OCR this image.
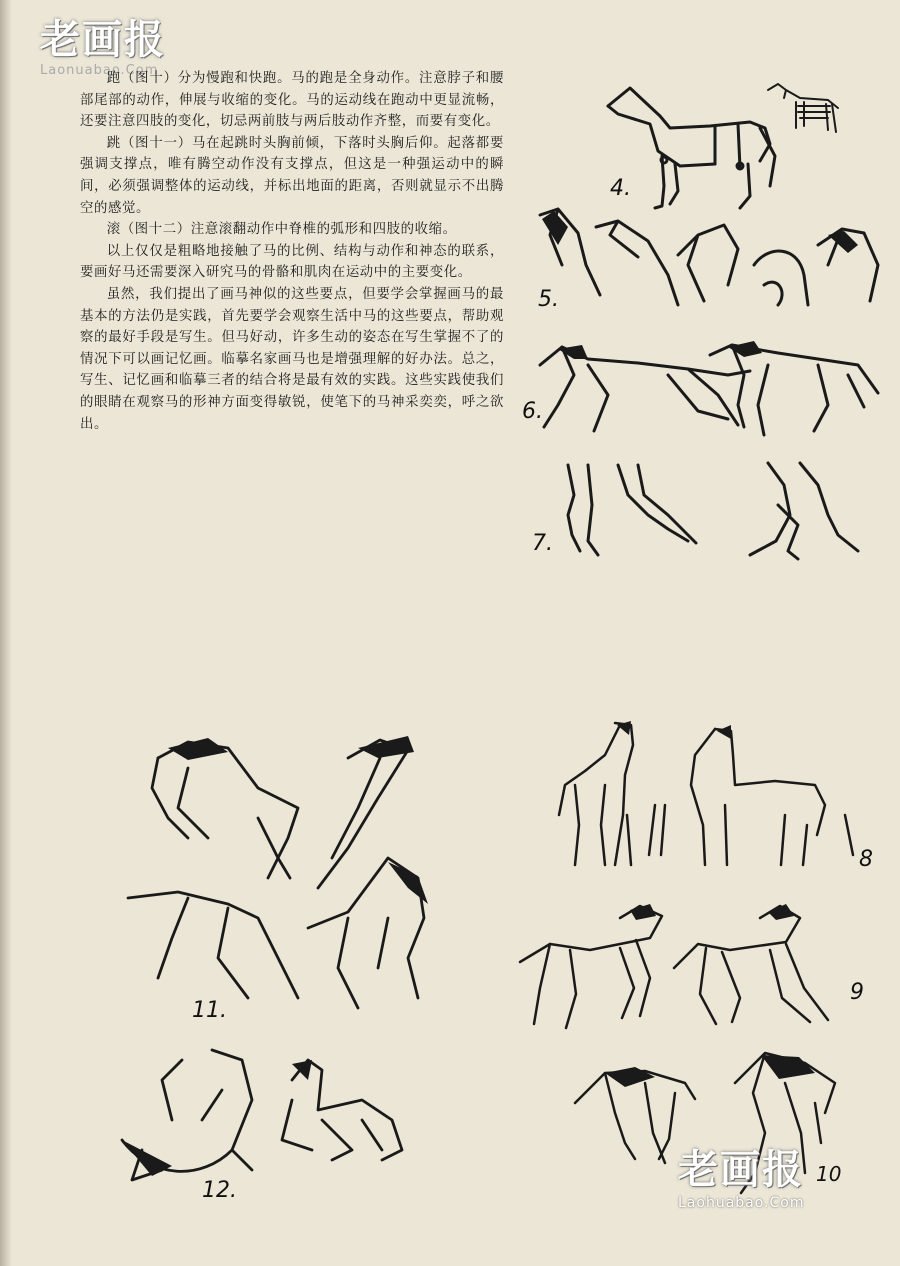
老画报
Laonuabao.Com

跑（图十）分为慢跑和快跑。马的跑是全身动作。注意脖子和腰部尾部的动作，伸展与收缩的变化。马的运动线在跑动中更显流畅，还要注意四肢的变化，切忌两前肢与两后肢动作齐整，而要有变化。

跳（图十一）马在起跳时头胸前倾，下落时头胸后仰。起落都要强调支撑点，唯有腾空动作没有支撑点，但这是一种强运动中的瞬间，必须强调整体的运动线，并标出地面的距离，否则就显示不出腾空的感觉。

滚（图十二）注意滚翻动作中脊椎的弧形和四肢的收缩。

以上仅仅是粗略地接触了马的比例、结构与动作和神态的联系，要画好马还需要深入研究马的骨骼和肌肉在运动中的主要变化。

虽然，我们提出了画马神似的这些要点，但要学会掌握画马的最基本的方法仍是实践，首先要学会观察生活中马的这些要点，帮助观察的最好手段是写生。但马好动，许多生动的姿态在写生掌握不了的情况下可以画记忆画。临摹名家画马也是增强理解的好办法。总之，写生、记忆画和临摹三者的结合将是最有效的实践。这些实践使我们的眼睛在观察马的形神方面变得敏锐，使笔下的马神采奕奕，呼之欲出。

4.
5.
6.
7.
8
9
10
11.
12.	老画报
Laohuabao.Com
